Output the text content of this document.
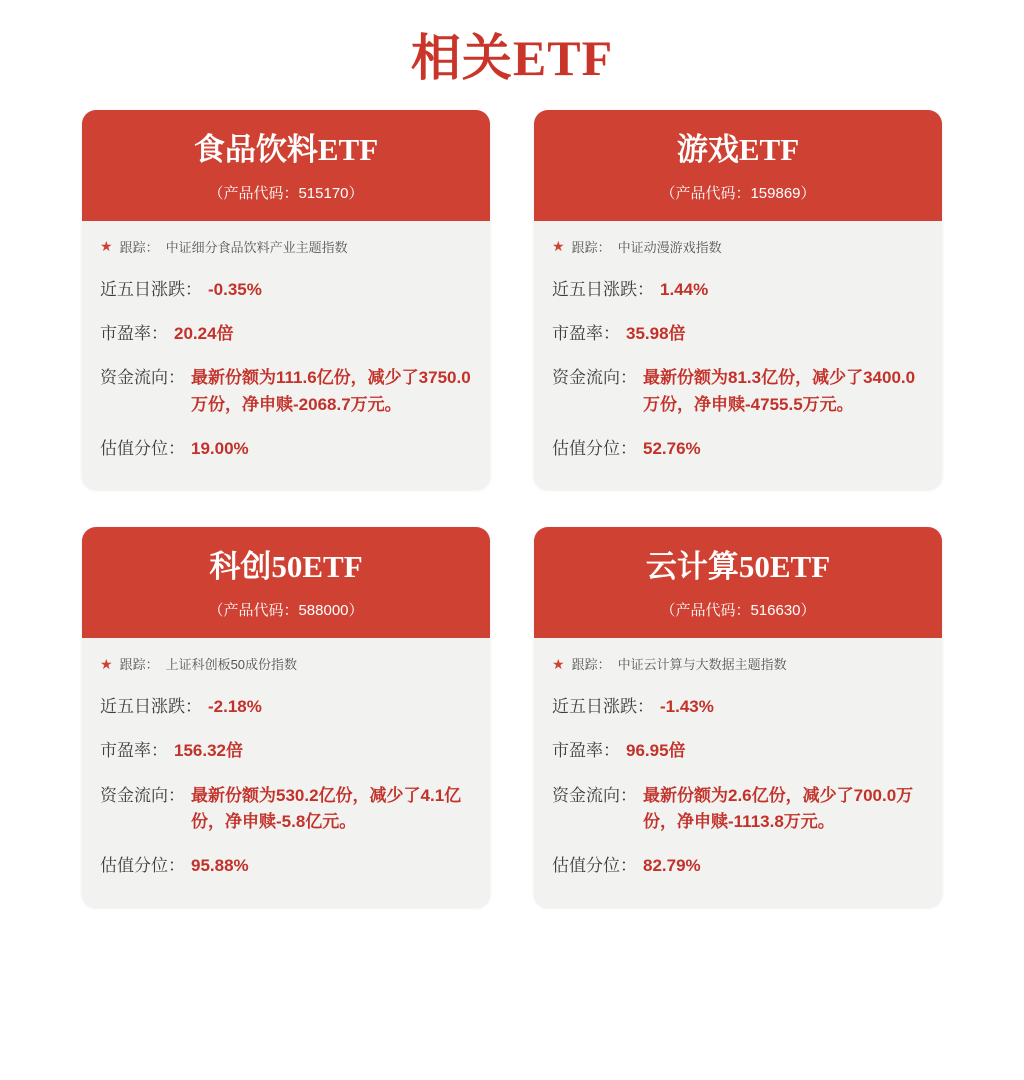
相关ETF
食品饮料ETF
（产品代码：515170）
★ 跟踪： 中证细分食品饮料产业主题指数
近五日涨跌： -0.35%
市盈率： 20.24倍
资金流向： 最新份额为111.6亿份，减少了3750.0万份，净申赎-2068.7万元。
估值分位： 19.00%
游戏ETF
（产品代码：159869）
★ 跟踪： 中证动漫游戏指数
近五日涨跌： 1.44%
市盈率： 35.98倍
资金流向： 最新份额为81.3亿份，减少了3400.0万份，净申赎-4755.5万元。
估值分位： 52.76%
科创50ETF
（产品代码：588000）
★ 跟踪： 上证科创板50成份指数
近五日涨跌： -2.18%
市盈率： 156.32倍
资金流向： 最新份额为530.2亿份，减少了4.1亿份，净申赎-5.8亿元。
估值分位： 95.88%
云计算50ETF
（产品代码：516630）
★ 跟踪： 中证云计算与大数据主题指数
近五日涨跌： -1.43%
市盈率： 96.95倍
资金流向： 最新份额为2.6亿份，减少了700.0万份，净申赎-1113.8万元。
估值分位： 82.79%
